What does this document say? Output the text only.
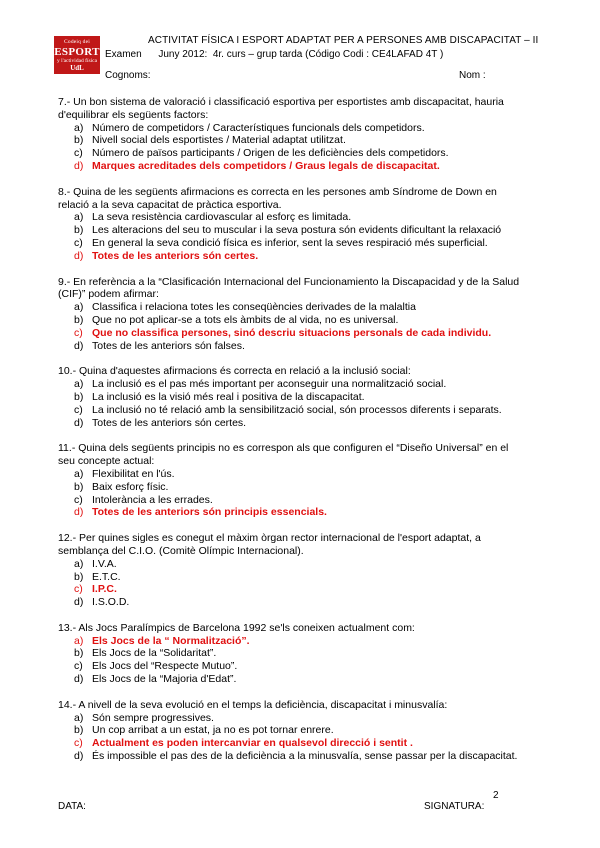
Codeiq dei
ESPORT
y l'actividad física
UdL
ACTIVITAT FÍSICA I ESPORT ADAPTAT PER A PERSONES AMB DISCAPACITAT – II
Examen      Juny 2012:  4r. curs – grup tarda (Código Codi : CE4LAFAD 4T )
Cognoms:	Nom :
7.- Un bon sistema de valoració i classificació esportiva per esportistes amb discapacitat, hauria d'equilibrar els següents factors:
a) Número de competidors / Característiques funcionals dels competidors.
b) Nivell social dels esportistes / Material adaptat utilitzat.
c) Número de països participants / Origen de les deficiències dels competidors.
d) Marques acreditades dels competidors / Graus legals de discapacitat.
8.- Quina de les següents afirmacions es correcta en les persones amb Síndrome de Down en relació a la seva capacitat de pràctica esportiva.
a) La seva resistència cardiovascular al esforç es limitada.
b) Les alteracions del seu to muscular i la seva postura són evidents dificultant la relaxació
c) En general la seva condició física es inferior, sent la seves respiració més superficial.
d) Totes de les anteriors són certes.
9.- En referència a la “Clasificación Internacional del Funcionamiento la Discapacidad y de la Salud (CIF)” podem afirmar:
a) Classifica i relaciona totes les conseqüències derivades de la malaltia
b) Que no pot aplicar-se a tots els àmbits de al vida, no es universal.
c) Que no classifica persones, sinó descriu situacions personals de cada individu.
d) Totes de les anteriors són falses.
10.- Quina d'aquestes afirmacions és correcta en relació a la inclusió social:
a) La inclusió es el pas més important per aconseguir una normalització social.
b) La inclusió es la visió més real i positiva de la discapacitat.
c) La inclusió no té relació amb la sensibilització social, són processos diferents i separats.
d) Totes de les anteriors són certes.
11.- Quina dels següents principis no es correspon als que configuren el “Diseño Universal” en el seu concepte actual:
a) Flexibilitat en l'ús.
b) Baix esforç físic.
c) Intolerància a les errades.
d) Totes de les anteriors són principis essencials.
12.- Per quines sigles es conegut el màxim òrgan rector internacional de l'esport adaptat, a semblança del C.I.O. (Comitè Olímpic Internacional).
a) I.V.A.
b) E.T.C.
c) I.P.C.
d) I.S.O.D.
13.- Als Jocs Paralímpics de Barcelona 1992 se'ls coneixen actualment com:
a) Els Jocs de la “ Normalització”.
b) Els Jocs de la “Solidaritat”.
c) Els Jocs del “Respecte Mutuo”.
d) Els Jocs de la “Majoria d'Edat”.
14.- A nivell de la seva evolució en el temps la deficiència, discapacitat i minusvalía:
a) Són sempre progressives.
b) Un cop arribat a un estat, ja no es pot tornar enrere.
c) Actualment es poden intercanviar en qualsevol direcció i sentit .
d) És impossible el pas des de la deficiència a la minusvalía, sense passar per la discapacitat.
2
DATA:	SIGNATURA:
